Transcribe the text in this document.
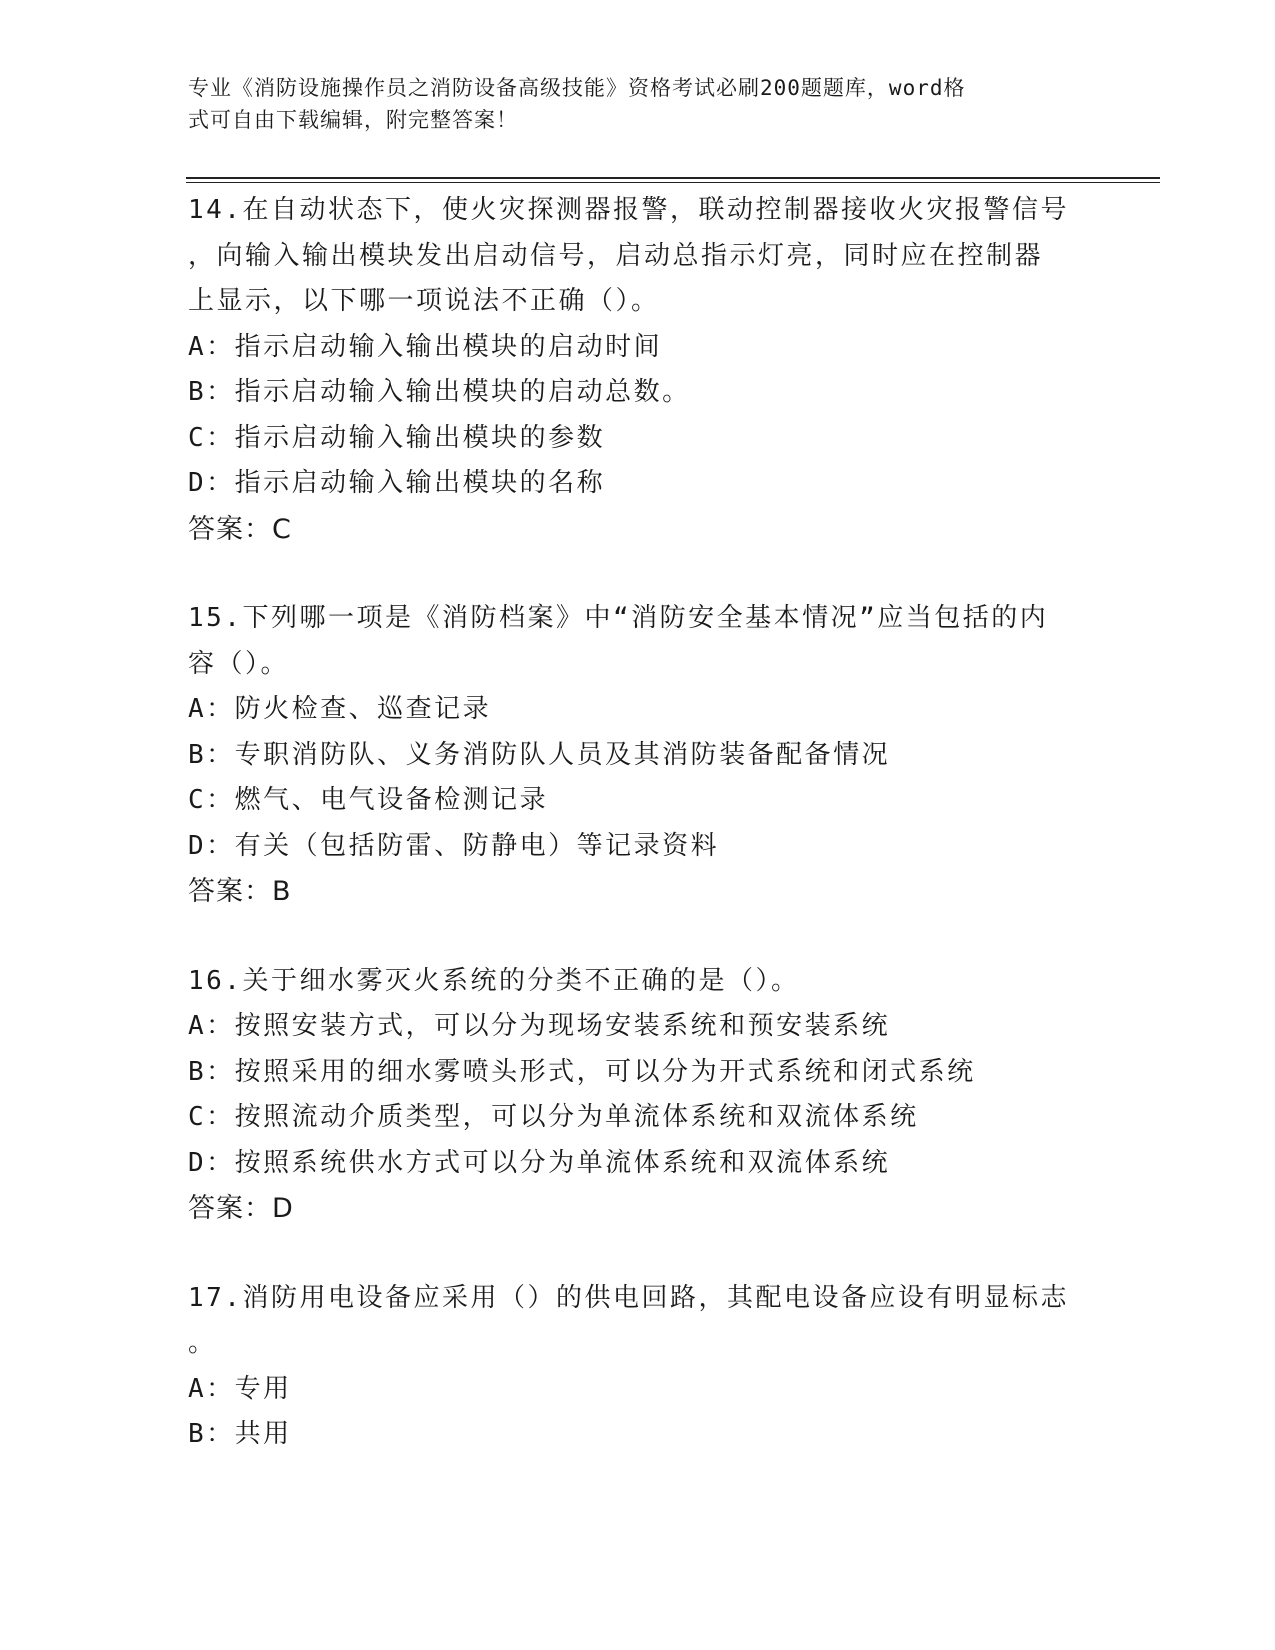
专业《消防设施操作员之消防设备高级技能》资格考试必刷200题题库，word格
式可自由下载编辑，附完整答案！
14.在自动状态下，使火灾探测器报警，联动控制器接收火灾报警信号
，向输入输出模块发出启动信号，启动总指示灯亮，同时应在控制器
上显示，以下哪一项说法不正确（）。
A：指示启动输入输出模块的启动时间
B：指示启动输入输出模块的启动总数。
C：指示启动输入输出模块的参数
D：指示启动输入输出模块的名称
答案：C
15.下列哪一项是《消防档案》中“消防安全基本情况”应当包括的内
容（）。
A：防火检查、巡查记录
B：专职消防队、义务消防队人员及其消防装备配备情况
C：燃气、电气设备检测记录
D：有关（包括防雷、防静电）等记录资料
答案：B
16.关于细水雾灭火系统的分类不正确的是（）。
A：按照安装方式，可以分为现场安装系统和预安装系统
B：按照采用的细水雾喷头形式，可以分为开式系统和闭式系统
C：按照流动介质类型，可以分为单流体系统和双流体系统
D：按照系统供水方式可以分为单流体系统和双流体系统
答案：D
17.消防用电设备应采用（）的供电回路，其配电设备应设有明显标志
。
A：专用
B：共用
